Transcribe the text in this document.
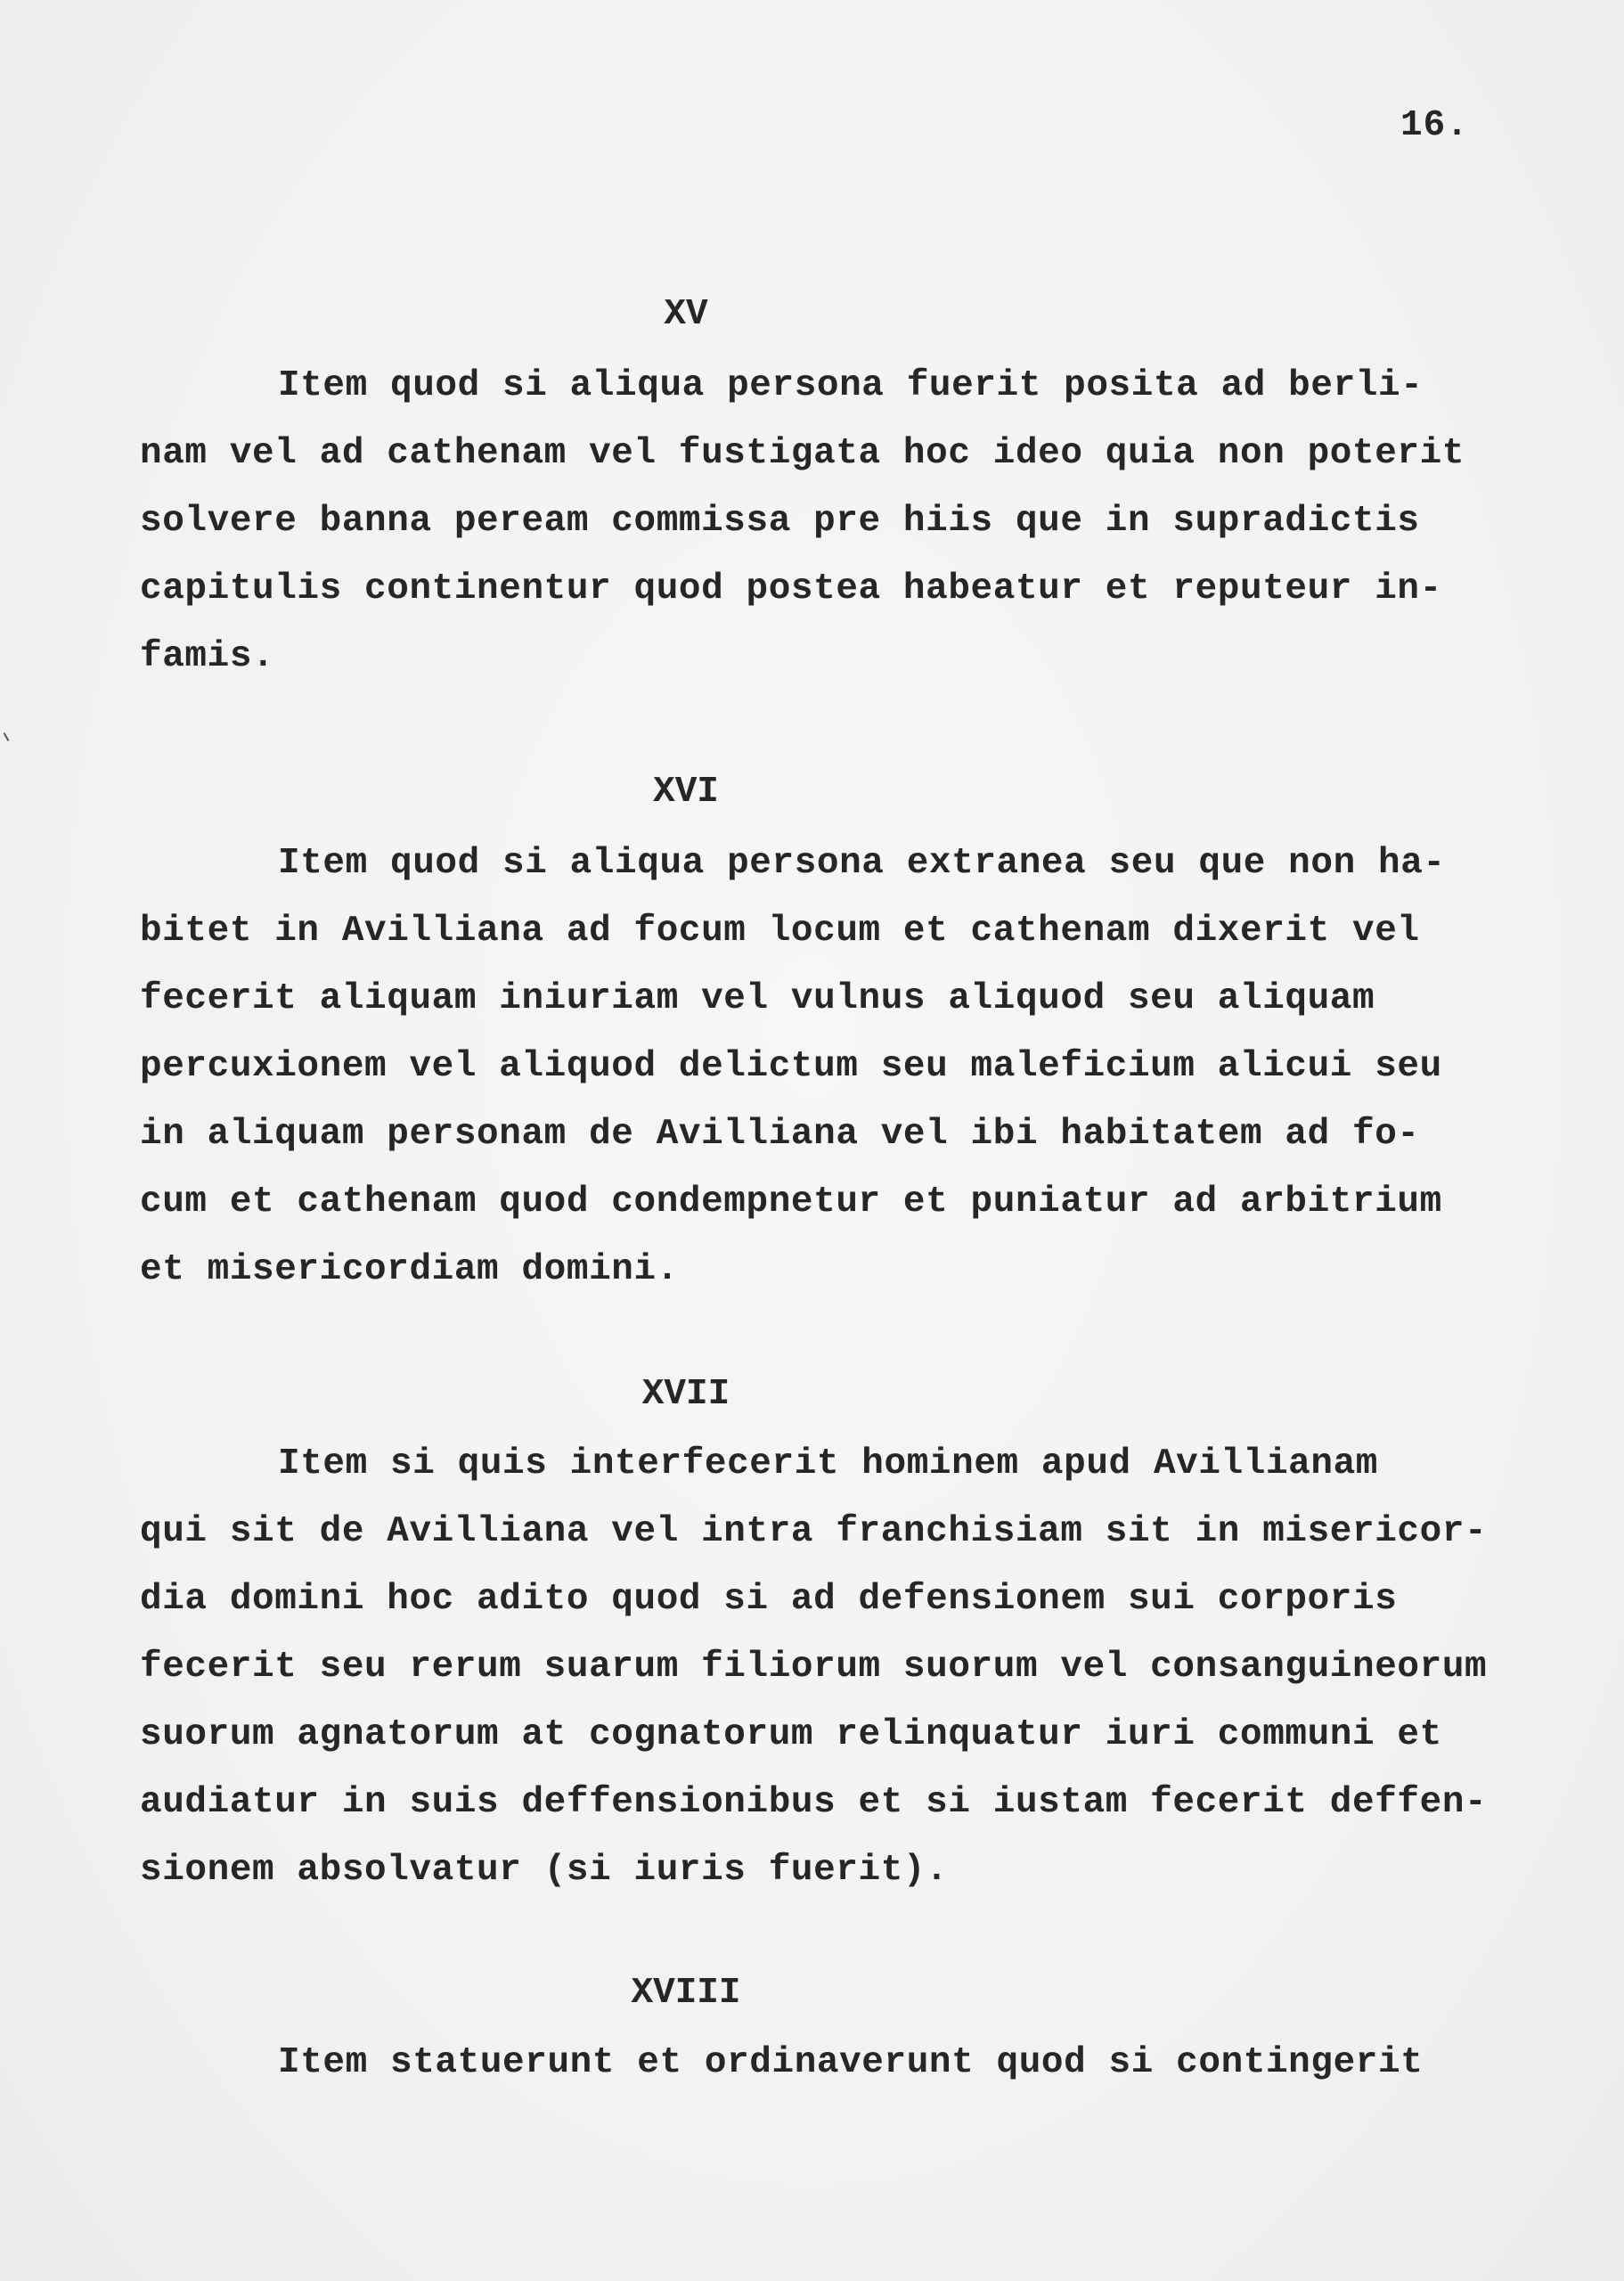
16.
XV
Item quod si aliqua persona fuerit posita ad berli-
nam vel ad cathenam vel fustigata hoc ideo quia non poterit
solvere banna peream commissa pre hiis que in supradictis
capitulis continentur quod postea habeatur et reputeur in-
famis.
XVI
Item quod si aliqua persona extranea seu que non ha-
bitet in Avilliana ad focum locum et cathenam dixerit vel
fecerit aliquam iniuriam vel vulnus aliquod seu aliquam
percuxionem vel aliquod delictum seu maleficium alicui seu
in aliquam personam de Avilliana vel ibi habitatem ad fo-
cum et cathenam quod condempnetur et puniatur ad arbitrium
et misericordiam domini.
XVII
Item si quis interfecerit hominem apud Avillianam
qui sit de Avilliana vel intra franchisiam sit in misericor-
dia domini hoc adito quod si ad defensionem sui corporis
fecerit seu rerum suarum filiorum suorum vel consanguineorum
suorum agnatorum at cognatorum relinquatur iuri communi et
audiatur in suis deffensionibus et si iustam fecerit deffen-
sionem absolvatur (si iuris fuerit).
XVIII
Item statuerunt et ordinaverunt quod si contingerit
